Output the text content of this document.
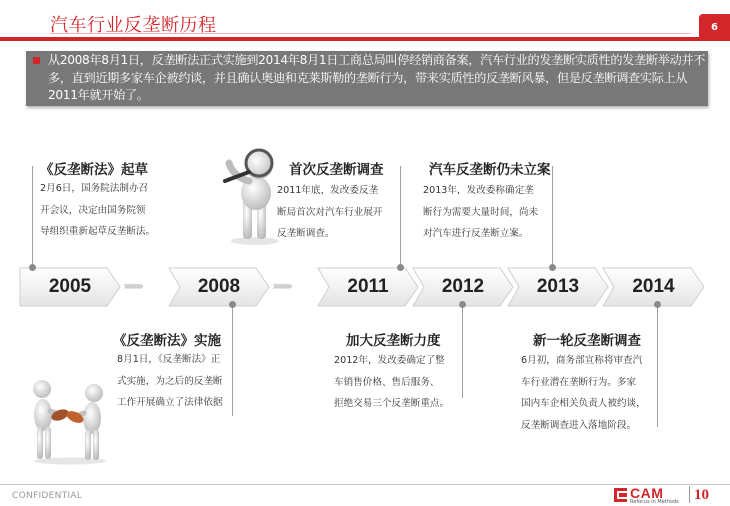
汽车行业反垄断历程	6
从2008年8月1日，反垄断法正式实施到2014年8月1日工商总局叫停经销商备案，汽车行业的发垄断实质性的发垄断举动并不多，直到近期多家车企被约谈，并且确认奥迪和克莱斯勒的垄断行为，带来实质性的反垄断风暴，但是反垄断调查实际上从2011年就开始了。
2005	››››››››››	2008	››››››››››	2011	2012	2013	2014
《反垄断法》起草
2月6日，国务院法制办召
开会议，决定由国务院领
导组织重新起草反垄断法。
首次反垄断调查
2011年底，发改委反垄
断局首次对汽车行业展开
反垄断调查。
汽车反垄断仍未立案
2013年，发改委称确定垄
断行为需要大量时间，尚未
对汽车进行反垄断立案。
《反垄断法》实施
8月1日，《反垄断法》正
式实施，为之后的反垄断
工作开展确立了法律依据
加大反垄断力度
2012年，发改委确定了整
车销售价格、售后服务、
拒绝交易三个反垄断重点。
新一轮反垄断调查
6月初，商务部宣称将审查汽
车行业潜在垄断行为。多家
国内车企相关负责人被约谈，
反垄断调查进入落地阶段。
CONFIDENTIAL	CAM
Refocus in Methods 10
